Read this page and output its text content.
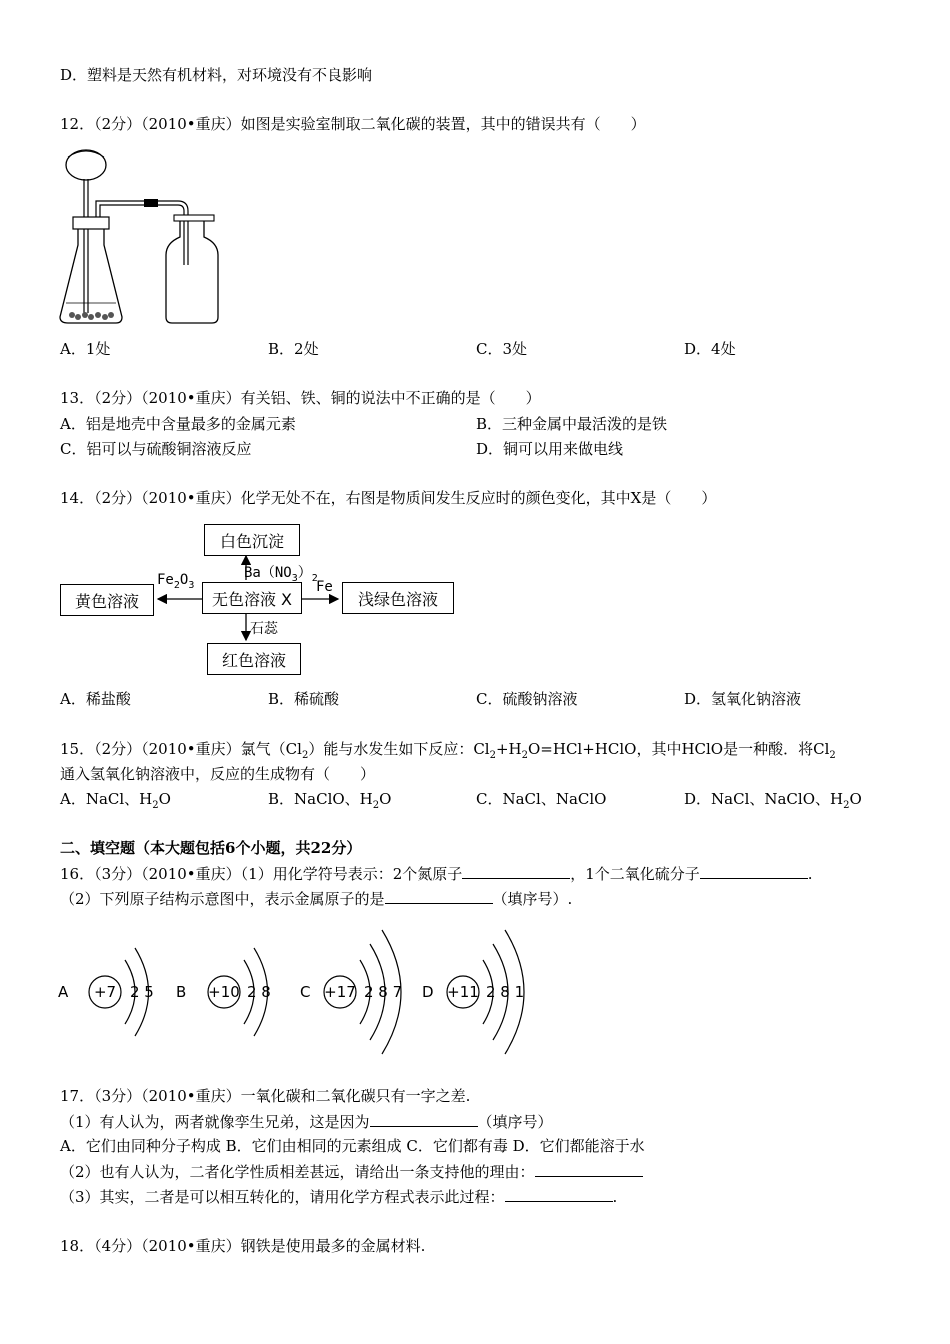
D．塑料是天然有机材料，对环境没有不良影响
12．（2分）（2010•重庆）如图是实验室制取二氧化碳的装置，其中的错误共有（　　）
A．1处	B．2处	C．3处	D．4处
13．（2分）（2010•重庆）有关铝、铁、铜的说法中不正确的是（　　）
A．铝是地壳中含量最多的金属元素	B．三种金属中最活泼的是铁
C．铝可以与硫酸铜溶液反应	D．铜可以用来做电线
14．（2分）（2010•重庆）化学无处不在，右图是物质间发生反应时的颜色变化，其中X是（　　）
白色沉淀
黄色溶液	无色溶液 X	浅绿色溶液
红色溶液
$Ba(NO_3)_2$
$Fe_2O_3$	Fe
石蕊
A．稀盐酸	B．稀硫酸	C．硫酸钠溶液	D．氢氧化钠溶液
15．（2分）（2010•重庆）氯气$(Cl_2)$能与水发生如下反应：$Cl_2+H_2O=HCl+HClO$，其中HClO是一种酸．将$Cl_2$
通入氢氧化钠溶液中，反应的生成物有（　　）
A．NaCl、$H_2O$	B．NaClO、$H_2O$	C．NaCl、NaClO	D．NaCl、NaClO、$H_2O$
二、填空题（本大题包括6个小题，共22分）
16．（3分）（2010•重庆）（1）用化学符号表示：2个氮原子	，1个二氧化硫分子	.
（2）下列原子结构示意图中，表示金属原子的是	（填序号）.
A +7 2 5 B +10 2 8 C +17 2 8 7 D +11 2 8 1
17．（3分）（2010•重庆）一氧化碳和二氧化碳只有一字之差.
（1）有人认为，两者就像孪生兄弟，这是因为	（填序号）
A．它们由同种分子构成 B．它们由相同的元素组成 C．它们都有毒 D．它们都能溶于水
（2）也有人认为，二者化学性质相差甚远，请给出一条支持他的理由：
（3）其实，二者是可以相互转化的，请用化学方程式表示此过程：	.
18．（4分）（2010•重庆）钢铁是使用最多的金属材料.
